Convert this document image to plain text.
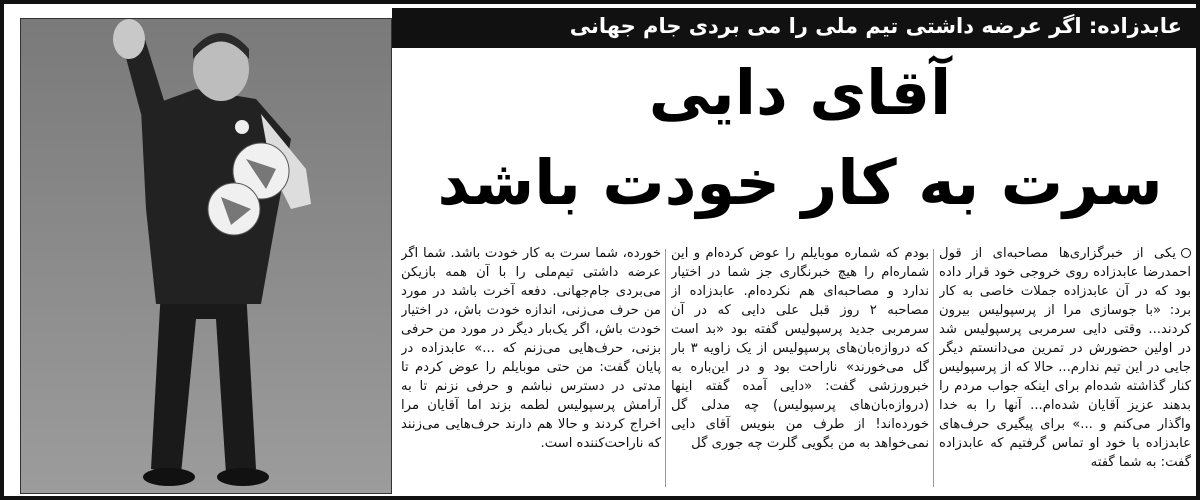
عابدزاده: اگر عرضه داشتی تیم ملی را می بردی جام جهانی
آقای دایی
سرت به کار خودت باشد
یکی از خبرگزاری‌ها مصاحبه‌ای از قول احمدرضا عابدزاده روی خروجی خود قرار داده بود که در آن عابدزاده جملات خاصی به کار برد: «با جوسازی مرا از پرسپولیس بیرون کردند... وقتی دایی سرمربی پرسپولیس شد در اولین حضورش در تمرین می‌دانستم دیگر جایی در این تیم ندارم... حالا که از پرسپولیس کنار گذاشته شده‌ام برای اینکه جواب مردم را بدهند عزیز آقایان شده‌ام... آنها را به خدا واگذار می‌کنم و ...» برای پیگیری حرف‌های عابدزاده با خود او تماس گرفتیم که عابدزاده گفت: به شما گفته
بودم که شماره موبایلم را عوض کرده‌ام و این شماره‌ام را هیچ خبرنگاری جز شما در اختیار ندارد و مصاحبه‌ای هم نکرده‌ام. عابدزاده از مصاحبه ۲ روز قبل علی دایی که در آن سرمربی جدید پرسپولیس گفته بود «بد است که دروازه‌بان‌های پرسپولیس از یک زاویه ۳ بار گل می‌خورند» ناراحت بود و در این‌باره به خبرورزشی گفت: «دایی آمده گفته اینها (دروازه‌بان‌های پرسپولیس) چه مدلی گل خورده‌اند! از طرف من بنویس آقای دایی نمی‌خواهد به من بگویی گلرت چه جوری گل
خورده، شما سرت به کار خودت باشد. شما اگر عرضه داشتی تیم‌ملی را با آن همه بازیکن می‌بردی جام‌جهانی. دفعه آخرت باشد در مورد من حرف می‌زنی، اندازه خودت باش، در اختیار خودت باش، اگر یک‌بار دیگر در مورد من حرفی بزنی، حرف‌هایی می‌زنم که ...» عابدزاده در پایان گفت: من حتی موبایلم را عوض کردم تا مدتی در دسترس نباشم و حرفی نزنم تا به آرامش پرسپولیس لطمه بزند اما آقایان مرا اخراج کردند و حالا هم دارند حرف‌هایی می‌زنند که ناراحت‌کننده است.
